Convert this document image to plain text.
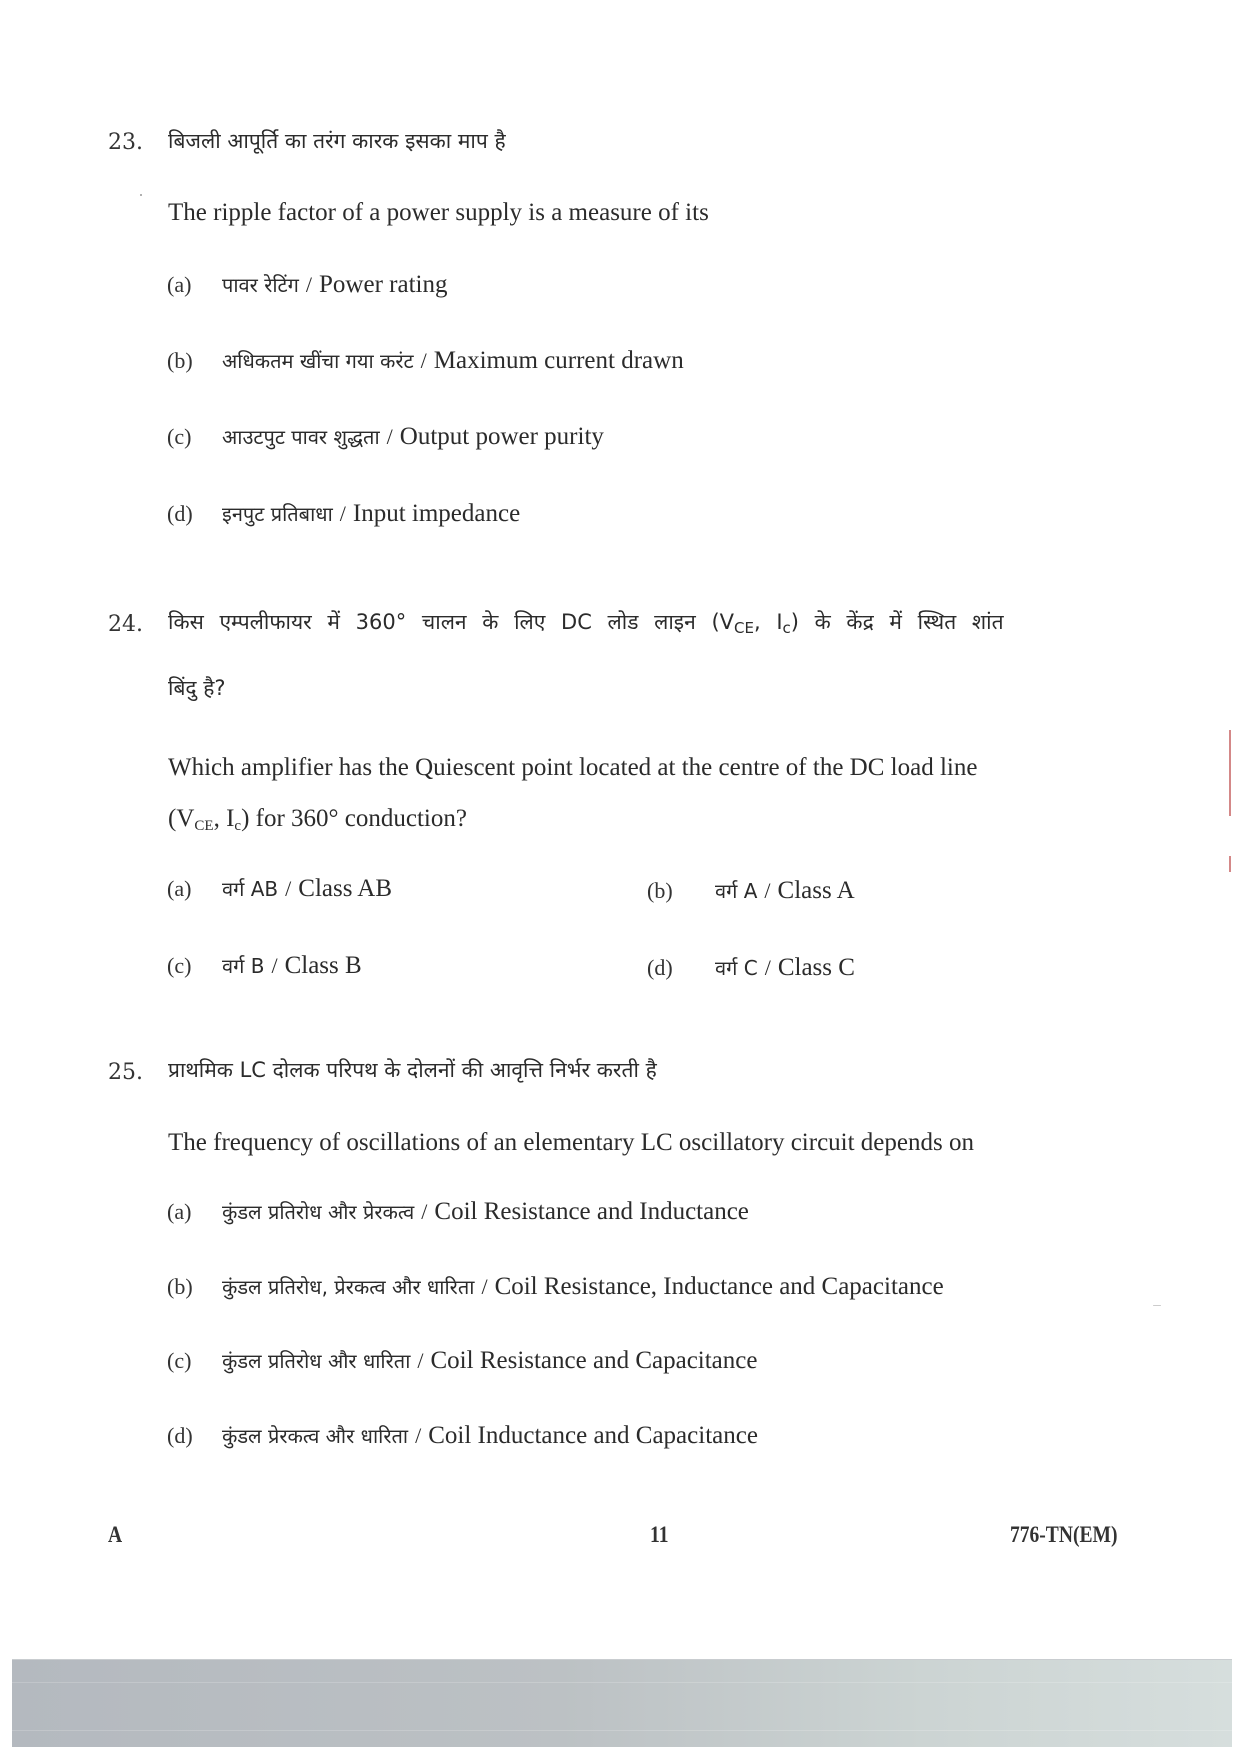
23. बिजली आपूर्ति का तरंग कारक इसका माप है
The ripple factor of a power supply is a measure of its
(a) पावर रेटिंग / Power rating
(b) अधिकतम खींचा गया करंट / Maximum current drawn
(c) आउटपुट पावर शुद्धता / Output power purity
(d) इनपुट प्रतिबाधा / Input impedance
24. किस एम्पलीफायर में 360° चालन के लिए DC लोड लाइन ($V_{CE}$, $I_c$) के केंद्र में स्थित शांत
बिंदु है?
Which amplifier has the Quiescent point located at the centre of the DC load line
($V_{CE}$, $I_c$) for 360° conduction?
(a) वर्ग AB / Class AB	(b) वर्ग A / Class A
(c) वर्ग B / Class B	(d) वर्ग C / Class C
25. प्राथमिक LC दोलक परिपथ के दोलनों की आवृत्ति निर्भर करती है
The frequency of oscillations of an elementary LC oscillatory circuit depends on
(a) कुंडल प्रतिरोध और प्रेरकत्व / Coil Resistance and Inductance
(b) कुंडल प्रतिरोध, प्रेरकत्व और धारिता / Coil Resistance, Inductance and Capacitance
(c) कुंडल प्रतिरोध और धारिता / Coil Resistance and Capacitance
(d) कुंडल प्रेरकत्व और धारिता / Coil Inductance and Capacitance
A	11	776-TN(EM)
